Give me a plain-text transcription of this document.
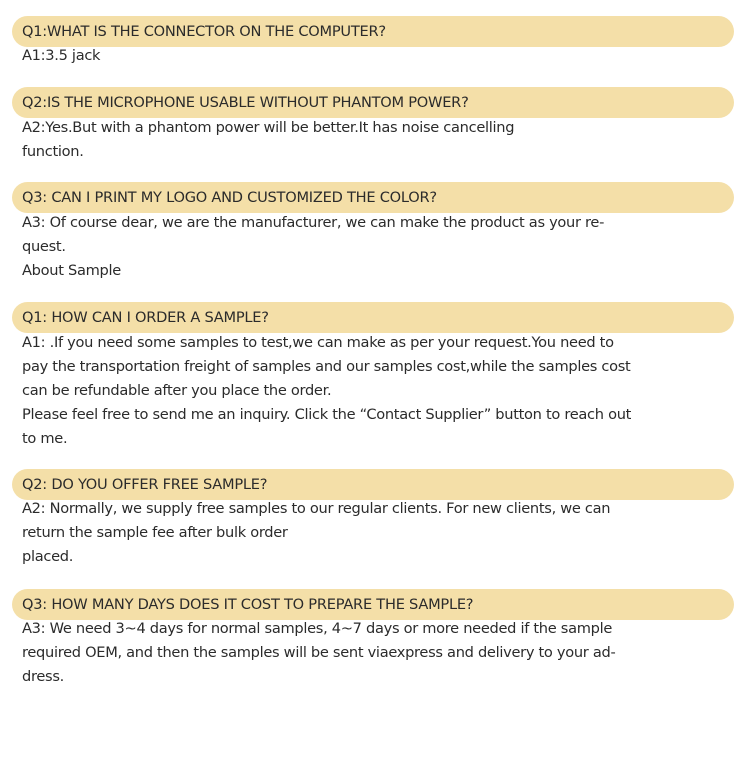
Q1:WHAT IS THE CONNECTOR ON THE COMPUTER?
A1:3.5 jack
Q2:IS THE MICROPHONE USABLE WITHOUT PHANTOM POWER?
A2:Yes.But with a phantom power will be better.It has noise cancelling
function.
Q3: CAN I PRINT MY LOGO AND CUSTOMIZED THE COLOR?
A3: Of course dear, we are the manufacturer, we can make the product as your re-
quest.
About Sample
Q1: HOW CAN I ORDER A SAMPLE?
A1: .If you need some samples to test,we can make as per your request.You need to
pay the transportation freight of samples and our samples cost,while the samples cost
can be refundable after you place the order.
Please feel free to send me an inquiry. Click the “Contact Supplier” button to reach out
to me.
Q2: DO YOU OFFER FREE SAMPLE?
A2: Normally, we supply free samples to our regular clients. For new clients, we can
return the sample fee after bulk order
placed.
Q3: HOW MANY DAYS DOES IT COST TO PREPARE THE SAMPLE?
A3: We need 3~4 days for normal samples, 4~7 days or more needed if the sample
required OEM, and then the samples will be sent viaexpress and delivery to your ad-
dress.
